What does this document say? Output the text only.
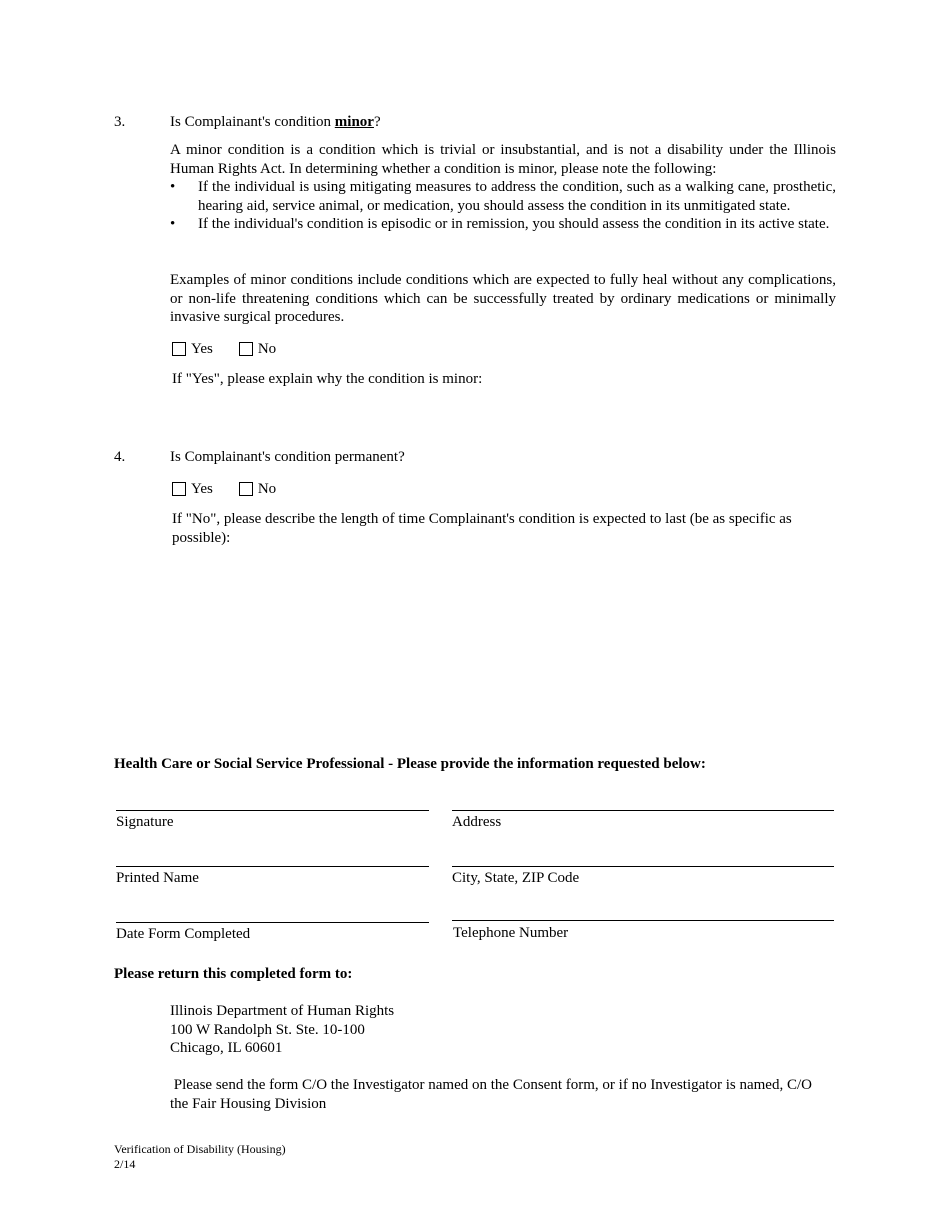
3.	Is Complainant's condition minor?
A minor condition is a condition which is trivial or insubstantial, and is not a disability under the Illinois Human Rights Act. In determining whether a condition is minor, please note the following:
• If the individual is using mitigating measures to address the condition, such as a walking cane, prosthetic, hearing aid, service animal, or medication, you should assess the condition in its unmitigated state.
• If the individual's condition is episodic or in remission, you should assess the condition in its active state.
Examples of minor conditions include conditions which are expected to fully heal without any complications, or non-life threatening conditions which can be successfully treated by ordinary medications or minimally invasive surgical procedures.
Yes	No
If "Yes", please explain why the condition is minor:
4.	Is Complainant's condition permanent?
Yes	No
If "No", please describe the length of time Complainant's condition is expected to last (be as specific as possible):
Health Care or Social Service Professional - Please provide the information requested below:
Signature	Address
Printed Name	City, State, ZIP Code
Date Form Completed	Telephone Number
Please return this completed form to:
Illinois Department of Human Rights
100 W Randolph St. Ste. 10-100
Chicago, IL 60601
Please send the form C/O the Investigator named on the Consent form, or if no Investigator is named, C/O the Fair Housing Division
Verification of Disability (Housing)
2/14
